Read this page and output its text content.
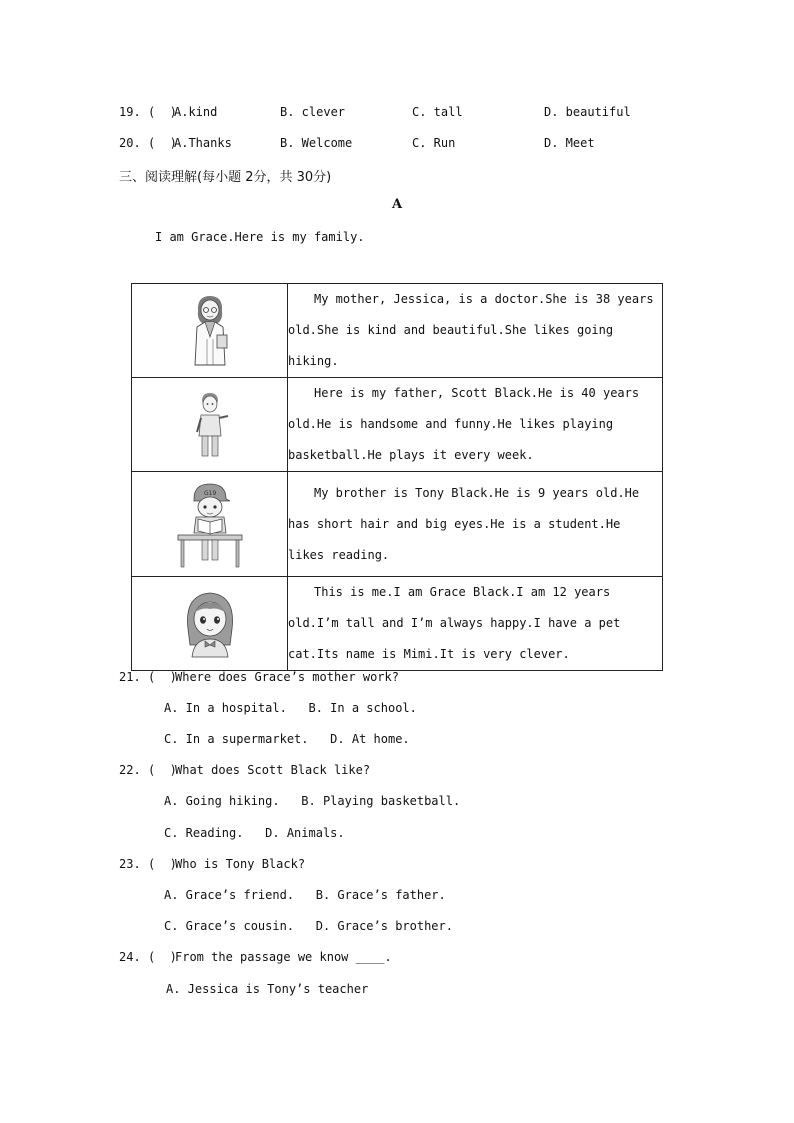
19. (  )
A.kind	B. clever	C. tall	D. beautiful
20. (  )
A.Thanks	B. Welcome	C. Run	D. Meet
三、阅读理解(每小题 2分，共 30分)
A
I am Grace.Here is my family.
	My mother, Jessica, is a doctor.She is 38 years old.She is kind and beautiful.She likes going hiking.

	Here is my father, Scott Black.He is 40 years old.He is handsome and funny.He likes playing basketball.He plays it every week.

G19	My brother is Tony Black.He is 9 years old.He has short hair and big eyes.He is a student.He likes reading.

	This is me.I am Grace Black.I am 12 years old.I’m tall and I’m always happy.I have a pet cat.Its name is Mimi.It is very clever.
21. (  )
Where does Grace’s mother work?
A. In a hospital.   B. In a school.
C. In a supermarket.   D. At home.
22. (  )
What does Scott Black like?
A. Going hiking.   B. Playing basketball.
C. Reading.   D. Animals.
23. (  )
Who is Tony Black?
A. Grace’s friend.   B. Grace’s father.
C. Grace’s cousin.   D. Grace’s brother.
24. (  )
From the passage we know ____.
A. Jessica is Tony’s teacher
